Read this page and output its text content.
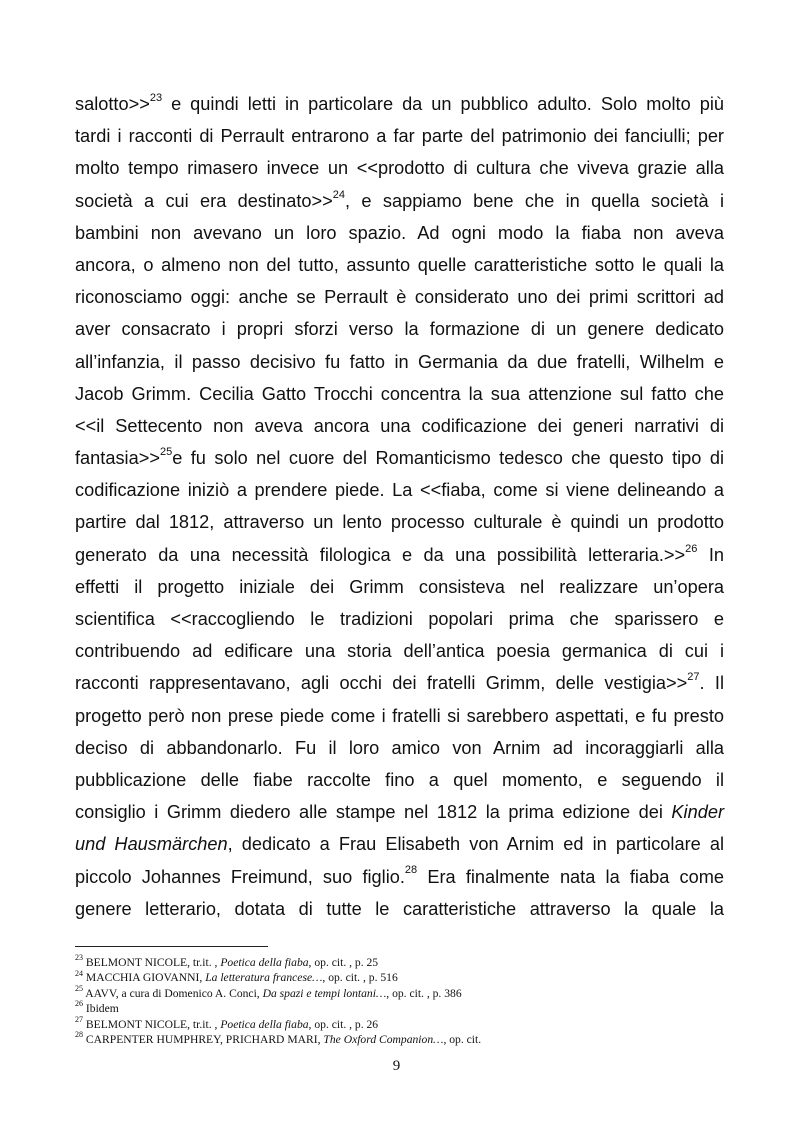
salotto>>$^{23}$ e quindi letti in particolare da un pubblico adulto. Solo molto più
tardi i racconti di Perrault entrarono a far parte del patrimonio dei fanciulli; per
molto tempo rimasero invece un <<prodotto di cultura che viveva grazie alla
società a cui era destinato>>$^{24}$, e sappiamo bene che in quella società i
bambini non avevano un loro spazio. Ad ogni modo la fiaba non aveva
ancora, o almeno non del tutto, assunto quelle caratteristiche sotto le quali la
riconosciamo oggi: anche se Perrault è considerato uno dei primi scrittori ad
aver consacrato i propri sforzi verso la formazione di un genere dedicato
all’infanzia, il passo decisivo fu fatto in Germania da due fratelli, Wilhelm e
Jacob Grimm. Cecilia Gatto Trocchi concentra la sua attenzione sul fatto che
<<il Settecento non aveva ancora una codificazione dei generi narrativi di
fantasia>>$^{25}$e fu solo nel cuore del Romanticismo tedesco che questo tipo di
codificazione iniziò a prendere piede. La <<fiaba, come si viene delineando a
partire dal 1812, attraverso un lento processo culturale è quindi un prodotto
generato da una necessità filologica e da una possibilità letteraria.>>$^{26}$ In
effetti il progetto iniziale dei Grimm consisteva nel realizzare un’opera
scientifica <<raccogliendo le tradizioni popolari prima che sparissero e
contribuendo ad edificare una storia dell’antica poesia germanica di cui i
racconti rappresentavano, agli occhi dei fratelli Grimm, delle vestigia>>$^{27}$. Il
progetto però non prese piede come i fratelli si sarebbero aspettati, e fu presto
deciso di abbandonarlo. Fu il loro amico von Arnim ad incoraggiarli alla
pubblicazione delle fiabe raccolte fino a quel momento, e seguendo il
consiglio i Grimm diedero alle stampe nel 1812 la prima edizione dei Kinder
und Hausmärchen, dedicato a Frau Elisabeth von Arnim ed in particolare al
piccolo Johannes Freimund, suo figlio.$^{28}$ Era finalmente nata la fiaba come
genere letterario, dotata di tutte le caratteristiche attraverso la quale la
$^{23}$ BELMONT NICOLE, tr.it. , Poetica della fiaba, op. cit. , p. 25
$^{24}$ MACCHIA GIOVANNI, La letteratura francese…, op. cit. , p. 516
$^{25}$ AAVV, a cura di Domenico A. Conci, Da spazi e tempi lontani…, op. cit. , p. 386
$^{26}$ Ibidem
$^{27}$ BELMONT NICOLE, tr.it. , Poetica della fiaba, op. cit. , p. 26
$^{28}$ CARPENTER HUMPHREY, PRICHARD MARI, The Oxford Companion…, op. cit.
9
